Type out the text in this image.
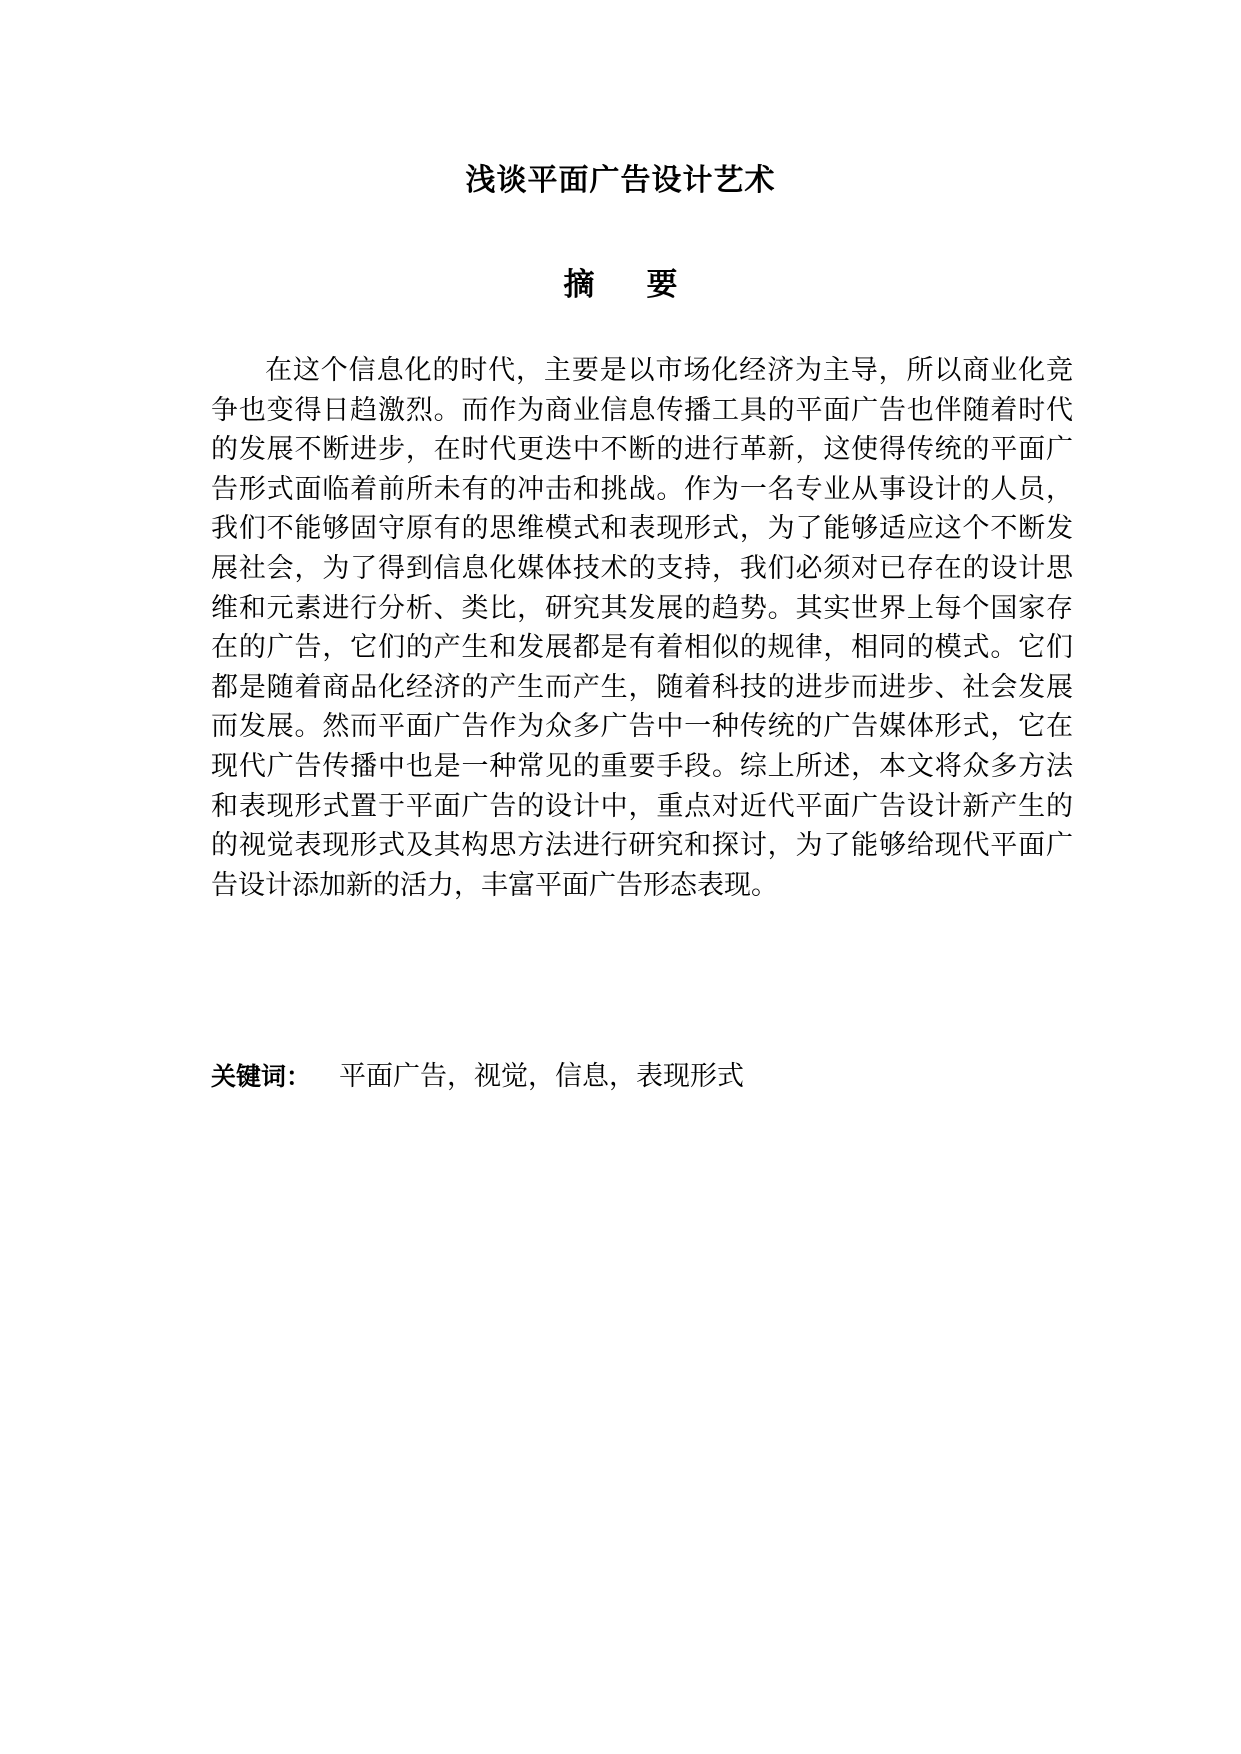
浅谈平面广告设计艺术
摘要

在这个信息化的时代，主要是以市场化经济为主导，所以商业化竞争也变得日趋激烈。而作为商业信息传播工具的平面广告也伴随着时代的发展不断进步，在时代更迭中不断的进行革新，这使得传统的平面广告形式面临着前所未有的冲击和挑战。作为一名专业从事设计的人员，我们不能够固守原有的思维模式和表现形式，为了能够适应这个不断发展社会，为了得到信息化媒体技术的支持，我们必须对已存在的设计思维和元素进行分析、类比，研究其发展的趋势。其实世界上每个国家存在的广告，它们的产生和发展都是有着相似的规律，相同的模式。它们都是随着商品化经济的产生而产生，随着科技的进步而进步、社会发展而发展。然而平面广告作为众多广告中一种传统的广告媒体形式，它在现代广告传播中也是一种常见的重要手段。综上所述，本文将众多方法和表现形式置于平面广告的设计中，重点对近代平面广告设计新产生的的视觉表现形式及其构思方法进行研究和探讨，为了能够给现代平面广告设计添加新的活力，丰富平面广告形态表现。

关键词： 平面广告，视觉，信息，表现形式
